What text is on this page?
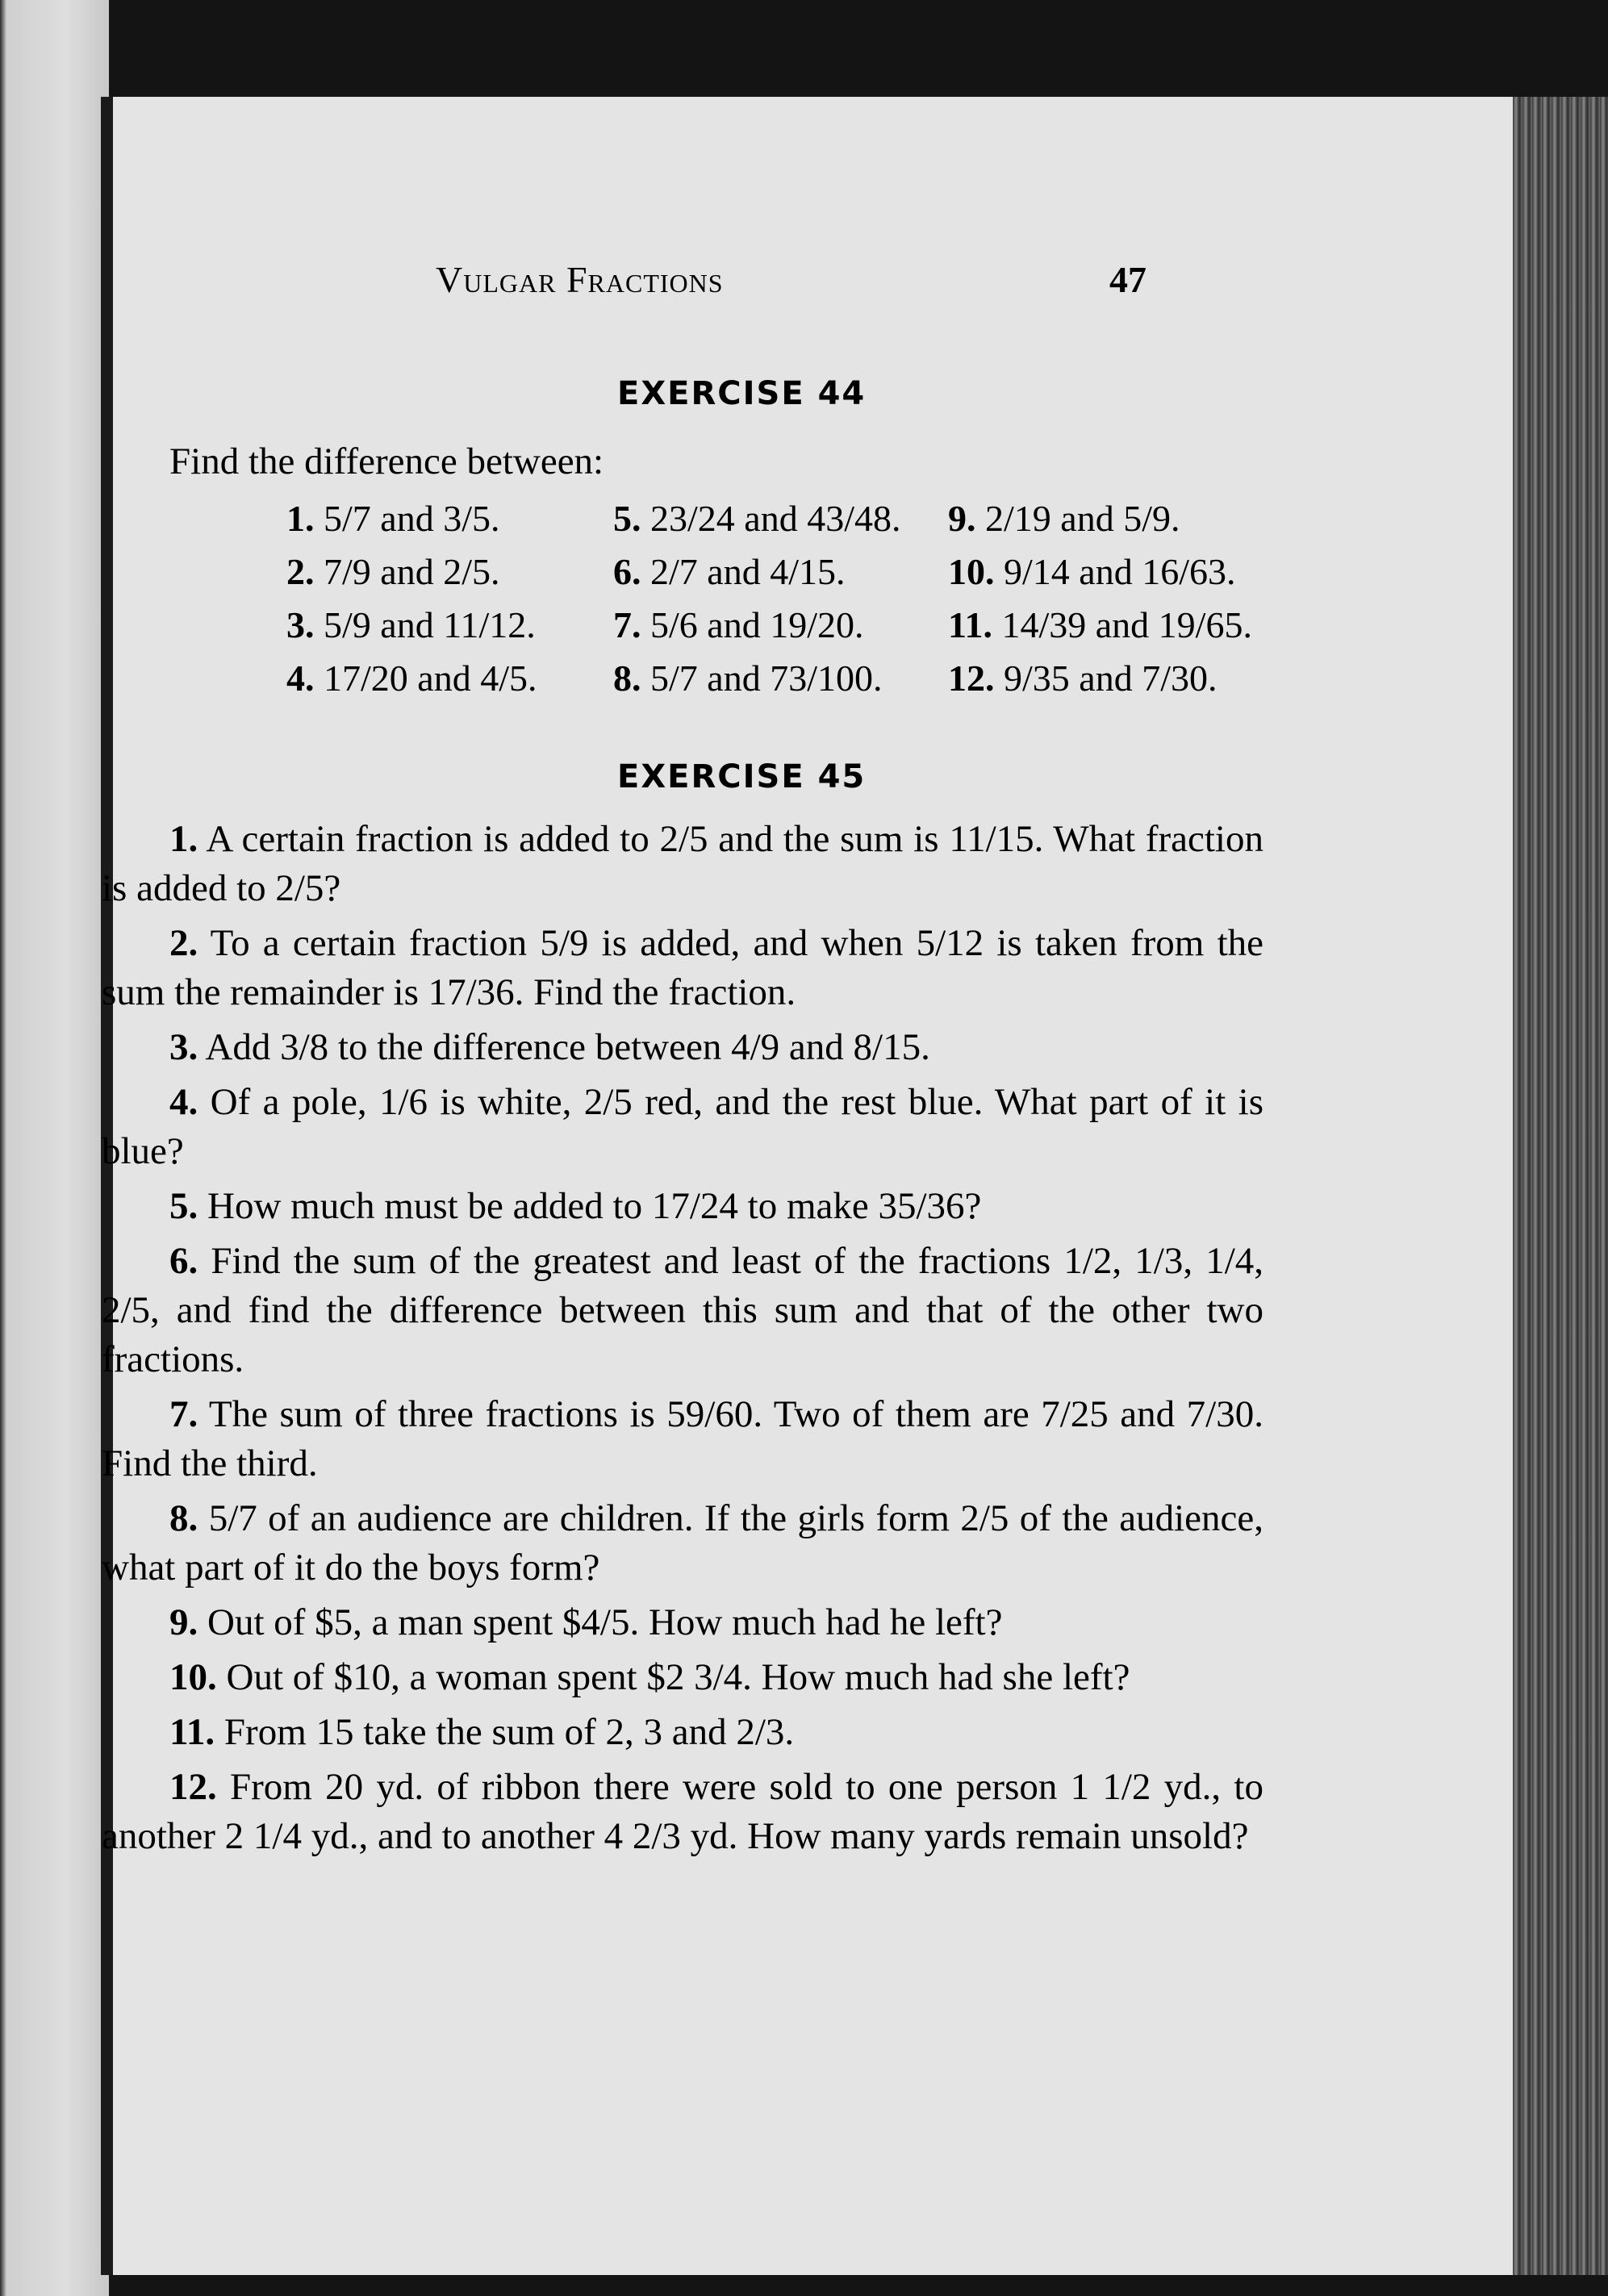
Vulgar Fractions	47
EXERCISE 44
Find the difference between:
1. 5/7 and 3/5.
2. 7/9 and 2/5.
3. 5/9 and 11/12.
4. 17/20 and 4/5.
5. 23/24 and 43/48.
6. 2/7 and 4/15.
7. 5/6 and 19/20.
8. 5/7 and 73/100.
9. 2/19 and 5/9.
10. 9/14 and 16/63.
11. 14/39 and 19/65.
12. 9/35 and 7/30.
EXERCISE 45
1. A certain fraction is added to 2/5 and the sum is 11/15. What fraction is added to 2/5?
2. To a certain fraction 5/9 is added, and when 5/12 is taken from the sum the remainder is 17/36. Find the fraction.
3. Add 3/8 to the difference between 4/9 and 8/15.
4. Of a pole, 1/6 is white, 2/5 red, and the rest blue. What part of it is blue?
5. How much must be added to 17/24 to make 35/36?
6. Find the sum of the greatest and least of the fractions 1/2, 1/3, 1/4, 2/5, and find the difference between this sum and that of the other two fractions.
7. The sum of three fractions is 59/60. Two of them are 7/25 and 7/30. Find the third.
8. 5/7 of an audience are children. If the girls form 2/5 of the audience, what part of it do the boys form?
9. Out of $5, a man spent $4/5. How much had he left?
10. Out of $10, a woman spent $2 3/4. How much had she left?
11. From 15 take the sum of 2, 3 and 2/3.
12. From 20 yd. of ribbon there were sold to one person 1 1/2 yd., to another 2 1/4 yd., and to another 4 2/3 yd. How many yards remain unsold?
